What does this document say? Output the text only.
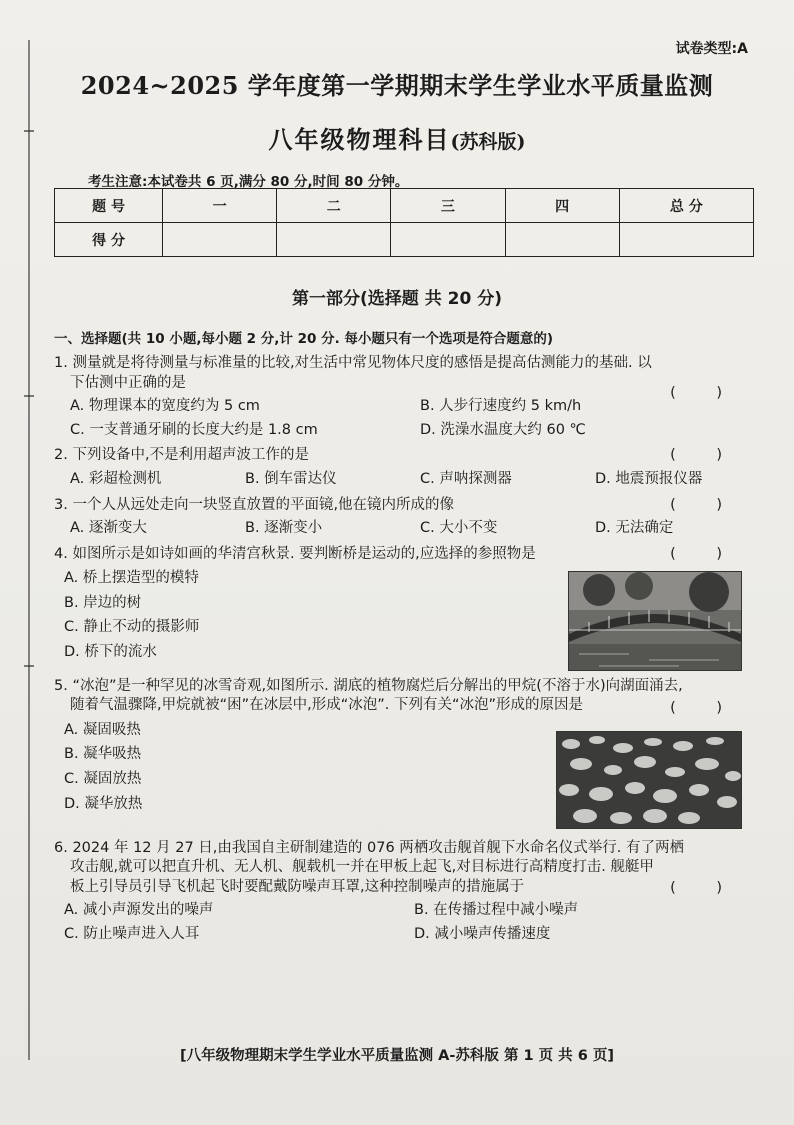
试卷类型:A
2024~2025 学年度第一学期期末学生学业水平质量监测
八年级物理科目(苏科版)
考生注意:本试卷共 6 页,满分 80 分,时间 80 分钟。
题 号	一	二	三	四	总 分
得 分					
第一部分(选择题 共 20 分)
一、选择题(共 10 小题,每小题 2 分,计 20 分. 每小题只有一个选项是符合题意的)
1. 测量就是将待测量与标准量的比较,对生活中常见物体尺度的感悟是提高估测能力的基础. 以
下估测中正确的是
( )
A. 物理课本的宽度约为 5 cm	B. 人步行速度约 5 km/h
C. 一支普通牙刷的长度大约是 1.8 cm	D. 洗澡水温度大约 60 ℃
2. 下列设备中,不是利用超声波工作的是	( )
A. 彩超检测机	B. 倒车雷达仪	C. 声呐探测器	D. 地震预报仪器
3. 一个人从远处走向一块竖直放置的平面镜,他在镜内所成的像	( )
A. 逐渐变大	B. 逐渐变小	C. 大小不变	D. 无法确定
4. 如图所示是如诗如画的华清宫秋景. 要判断桥是运动的,应选择的参照物是	( )
A. 桥上摆造型的模特
B. 岸边的树
C. 静止不动的摄影师
D. 桥下的流水
5. “冰泡”是一种罕见的冰雪奇观,如图所示. 湖底的植物腐烂后分解出的甲烷(不溶于水)向湖面涌去,
随着气温骤降,甲烷就被“困”在冰层中,形成“冰泡”. 下列有关“冰泡”形成的原因是	( )
A. 凝固吸热
B. 凝华吸热
C. 凝固放热
D. 凝华放热
6. 2024 年 12 月 27 日,由我国自主研制建造的 076 两栖攻击舰首舰下水命名仪式举行. 有了两栖
攻击舰,就可以把直升机、无人机、舰载机一并在甲板上起飞,对目标进行高精度打击. 舰艇甲
板上引导员引导飞机起飞时要配戴防噪声耳罩,这种控制噪声的措施属于	( )
A. 减小声源发出的噪声	B. 在传播过程中减小噪声
C. 防止噪声进入人耳	D. 减小噪声传播速度
[八年级物理期末学生学业水平质量监测 A-苏科版 第 1 页 共 6 页]
